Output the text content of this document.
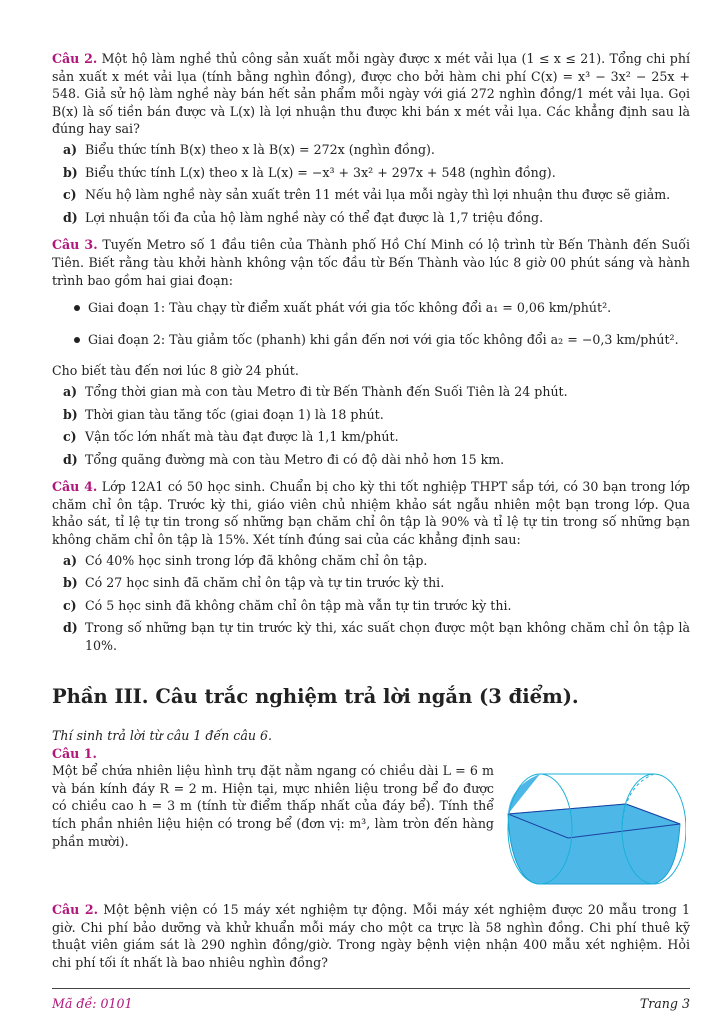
Câu 2. Một hộ làm nghề thủ công sản xuất mỗi ngày được x mét vải lụa (1 ≤ x ≤ 21). Tổng chi phí sản xuất x mét vải lụa (tính bằng nghìn đồng), được cho bởi hàm chi phí C(x) = x³ − 3x² − 25x + 548. Giả sử hộ làm nghề này bán hết sản phẩm mỗi ngày với giá 272 nghìn đồng/1 mét vải lụa. Gọi B(x) là số tiền bán được và L(x) là lợi nhuận thu được khi bán x mét vải lụa. Các khẳng định sau là đúng hay sai?

a) Biểu thức tính B(x) theo x là B(x) = 272x (nghìn đồng).
b) Biểu thức tính L(x) theo x là L(x) = −x³ + 3x² + 297x + 548 (nghìn đồng).
c) Nếu hộ làm nghề này sản xuất trên 11 mét vải lụa mỗi ngày thì lợi nhuận thu được sẽ giảm.
d) Lợi nhuận tối đa của hộ làm nghề này có thể đạt được là 1,7 triệu đồng.

Câu 3. Tuyến Metro số 1 đầu tiên của Thành phố Hồ Chí Minh có lộ trình từ Bến Thành đến Suối Tiên. Biết rằng tàu khởi hành không vận tốc đầu từ Bến Thành vào lúc 8 giờ 00 phút sáng và hành trình bao gồm hai giai đoạn:

Giai đoạn 1: Tàu chạy từ điểm xuất phát với gia tốc không đổi a₁ = 0,06 km/phút².
Giai đoạn 2: Tàu giảm tốc (phanh) khi gần đến nơi với gia tốc không đổi a₂ = −0,3 km/phút².

Cho biết tàu đến nơi lúc 8 giờ 24 phút.

a) Tổng thời gian mà con tàu Metro đi từ Bến Thành đến Suối Tiên là 24 phút.
b) Thời gian tàu tăng tốc (giai đoạn 1) là 18 phút.
c) Vận tốc lớn nhất mà tàu đạt được là 1,1 km/phút.
d) Tổng quãng đường mà con tàu Metro đi có độ dài nhỏ hơn 15 km.

Câu 4. Lớp 12A1 có 50 học sinh. Chuẩn bị cho kỳ thi tốt nghiệp THPT sắp tới, có 30 bạn trong lớp chăm chỉ ôn tập. Trước kỳ thi, giáo viên chủ nhiệm khảo sát ngẫu nhiên một bạn trong lớp. Qua khảo sát, tỉ lệ tự tin trong số những bạn chăm chỉ ôn tập là 90% và tỉ lệ tự tin trong số những bạn không chăm chỉ ôn tập là 15%. Xét tính đúng sai của các khẳng định sau:

a) Có 40% học sinh trong lớp đã không chăm chỉ ôn tập.
b) Có 27 học sinh đã chăm chỉ ôn tập và tự tin trước kỳ thi.
c) Có 5 học sinh đã không chăm chỉ ôn tập mà vẫn tự tin trước kỳ thi.
d) Trong số những bạn tự tin trước kỳ thi, xác suất chọn được một bạn không chăm chỉ ôn tập là 10%.
Phần III. Câu trắc nghiệm trả lời ngắn (3 điểm).

Thí sinh trả lời từ câu 1 đến câu 6.

Câu 1.

Một bể chứa nhiên liệu hình trụ đặt nằm ngang có chiều dài L = 6 m và bán kính đáy R = 2 m. Hiện tại, mực nhiên liệu trong bể đo được có chiều cao h = 3 m (tính từ điểm thấp nhất của đáy bể). Tính thể tích phần nhiên liệu hiện có trong bể (đơn vị: m³, làm tròn đến hàng phần mười).

Câu 2. Một bệnh viện có 15 máy xét nghiệm tự động. Mỗi máy xét nghiệm được 20 mẫu trong 1 giờ. Chi phí bảo dưỡng và khử khuẩn mỗi máy cho một ca trực là 58 nghìn đồng. Chi phí thuê kỹ thuật viên giám sát là 290 nghìn đồng/giờ. Trong ngày bệnh viện nhận 400 mẫu xét nghiệm. Hỏi chi phí tối ít nhất là bao nhiêu nghìn đồng?

Mã đề: 0101	Trang 3
